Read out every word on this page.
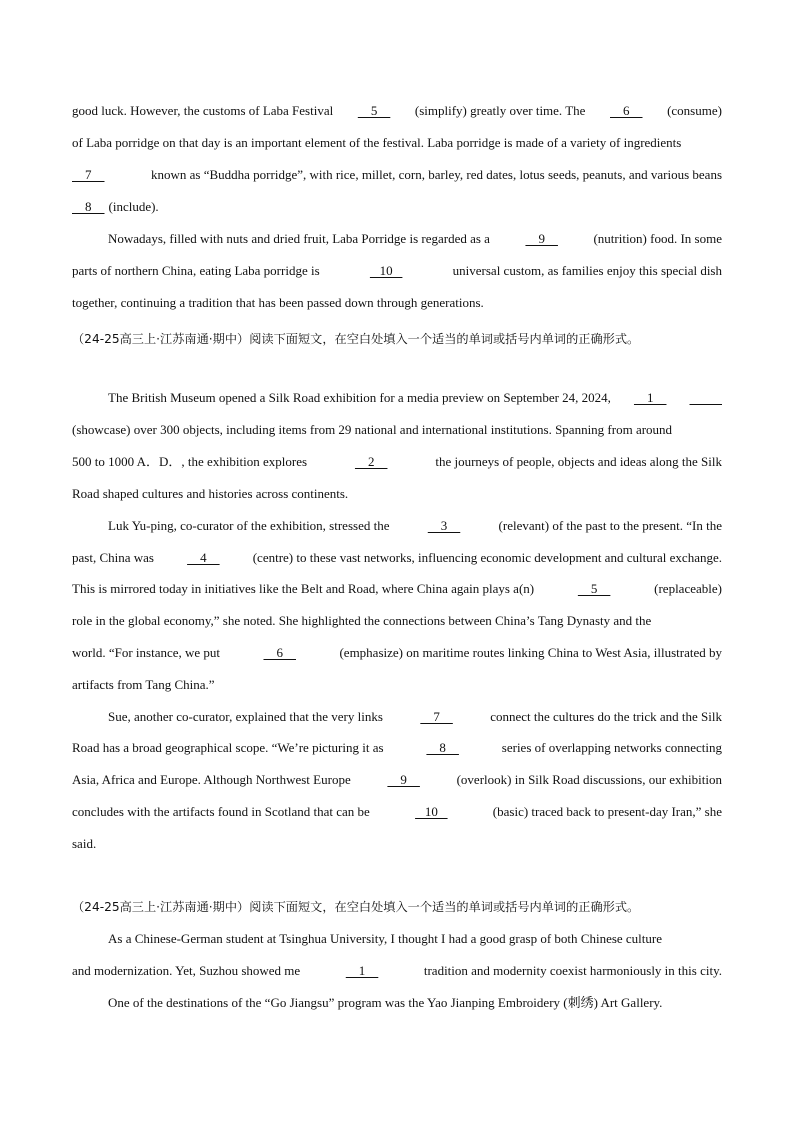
good luck. However, the customs of Laba Festival 5 (simplify) greatly over time. The 6 (consume)
of Laba porridge on that day is an important element of the festival. Laba porridge is made of a variety of ingredients
7	known as “Buddha porridge”, with rice, millet, corn, barley, red dates, lotus seeds, peanuts, and various beans
8 (include).
Nowadays, filled with nuts and dried fruit, Laba Porridge is regarded as a	9	(nutrition) food. In some
parts of northern China, eating Laba porridge is	10	universal custom, as families enjoy this special dish
together, continuing a tradition that has been passed down through generations.
（24-25高三上·江苏南通·期中）阅读下面短文，在空白处填入一个适当的单词或括号内单词的正确形式。
The British Museum opened a Silk Road exhibition for a media preview on September 24, 2024, 1

(showcase) over 300 objects, including items from 29 national and international institutions. Spanning from around
500 to 1000 A．D．, the exhibition explores	2	the journeys of people, objects and ideas along the Silk
Road shaped cultures and histories across continents.
Luk Yu-ping, co-curator of the exhibition, stressed the	3	(relevant) of the past to the present. “In the
past, China was	4	(centre) to these vast networks, influencing economic development and cultural exchange.
This is mirrored today in initiatives like the Belt and Road, where China again plays a(n)	5	(replaceable)
role in the global economy,” she noted. She highlighted the connections between China’s Tang Dynasty and the
world. “For instance, we put	6	(emphasize) on maritime routes linking China to West Asia, illustrated by
artifacts from Tang China.”
Sue, another co-curator, explained that the very links	7	connect the cultures do the trick and the Silk
Road has a broad geographical scope. “We’re picturing it as	8	series of overlapping networks connecting
Asia, Africa and Europe. Although Northwest Europe	9	(overlook) in Silk Road discussions, our exhibition
concludes with the artifacts found in Scotland that can be	10	(basic) traced back to present-day Iran,” she
said.
（24-25高三上·江苏南通·期中）阅读下面短文，在空白处填入一个适当的单词或括号内单词的正确形式。
As a Chinese-German student at Tsinghua University, I thought I had a good grasp of both Chinese culture
and modernization. Yet, Suzhou showed me	1	tradition and modernity coexist harmoniously in this city.
One of the destinations of the “Go Jiangsu” program was the Yao Jianping Embroidery (刺绣) Art Gallery.
